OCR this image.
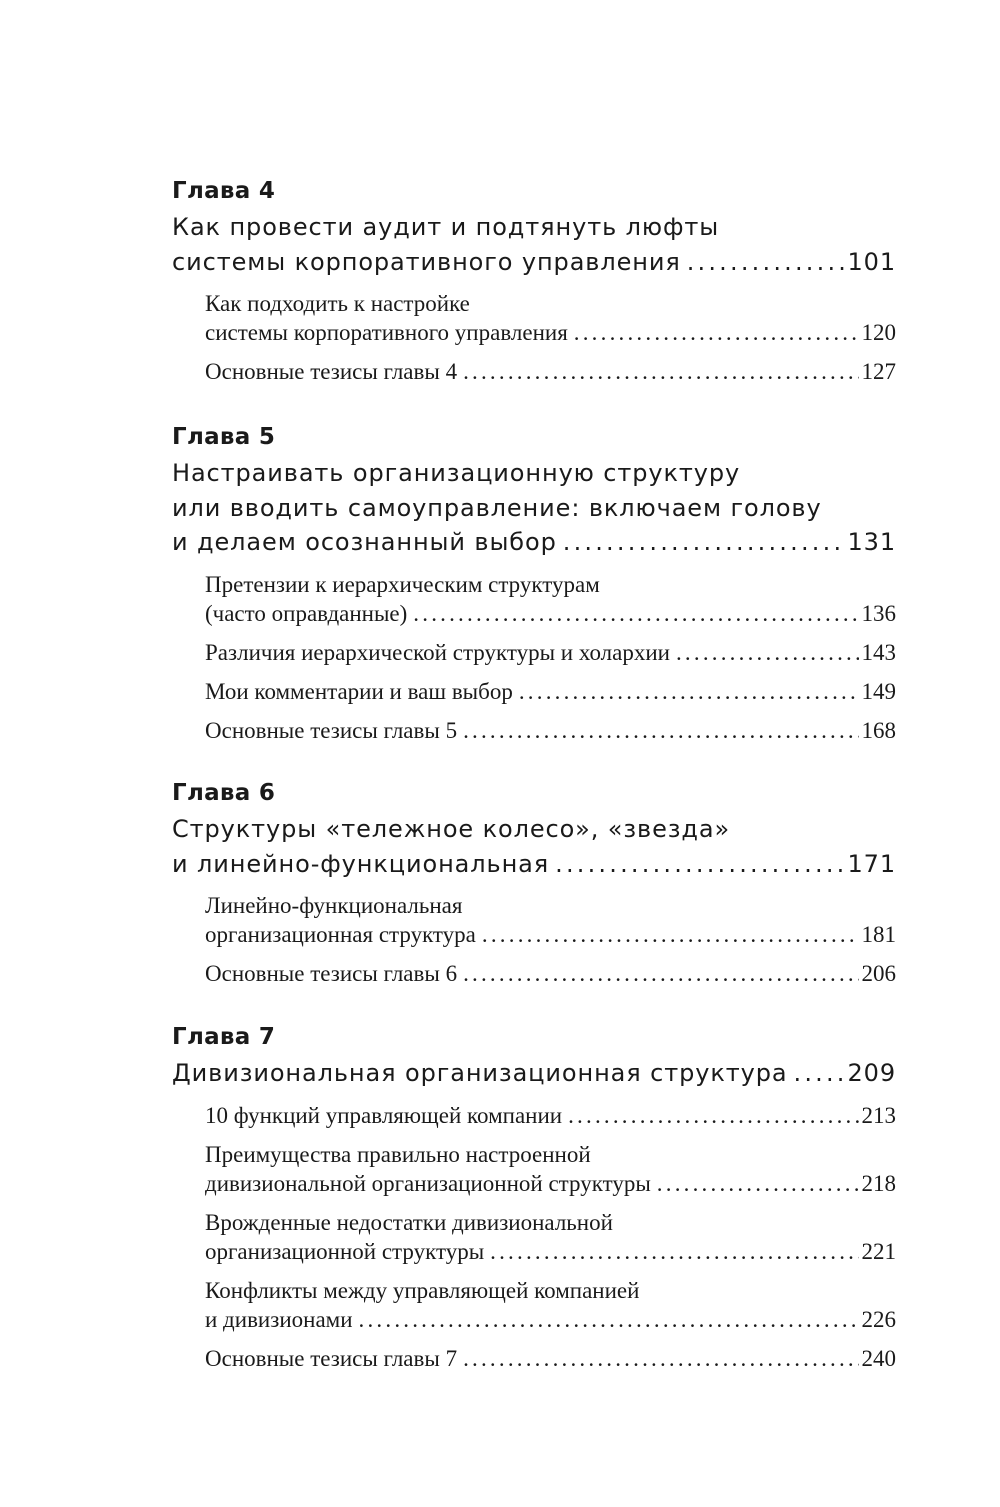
Глава 4
Как провести аудит и подтянуть люфты
системы корпоративного управления .....	101
Как подходить к настройке
системы корпоративного управления .....	120
Основные тезисы главы 4 .....	127
Глава 5
Настраивать организационную структуру
или вводить самоуправление: включаем голову
и делаем осознанный выбор .....	131
Претензии к иерархическим структурам
(часто оправданные) .....	136
Различия иерархической структуры и холархии .....	143
Мои комментарии и ваш выбор .....	149
Основные тезисы главы 5 .....	168
Глава 6
Структуры «тележное колесо», «звезда»
и линейно-функциональная .....	171
Линейно-функциональная
организационная структура .....	181
Основные тезисы главы 6 .....	206
Глава 7
Дивизиональная организационная структура .....	209
10 функций управляющей компании .....	213
Преимущества правильно настроенной
дивизиональной организационной структуры .....	218
Врожденные недостатки дивизиональной
организационной структуры .....	221
Конфликты между управляющей компанией
и дивизионами .....	226
Основные тезисы главы 7 .....	240
